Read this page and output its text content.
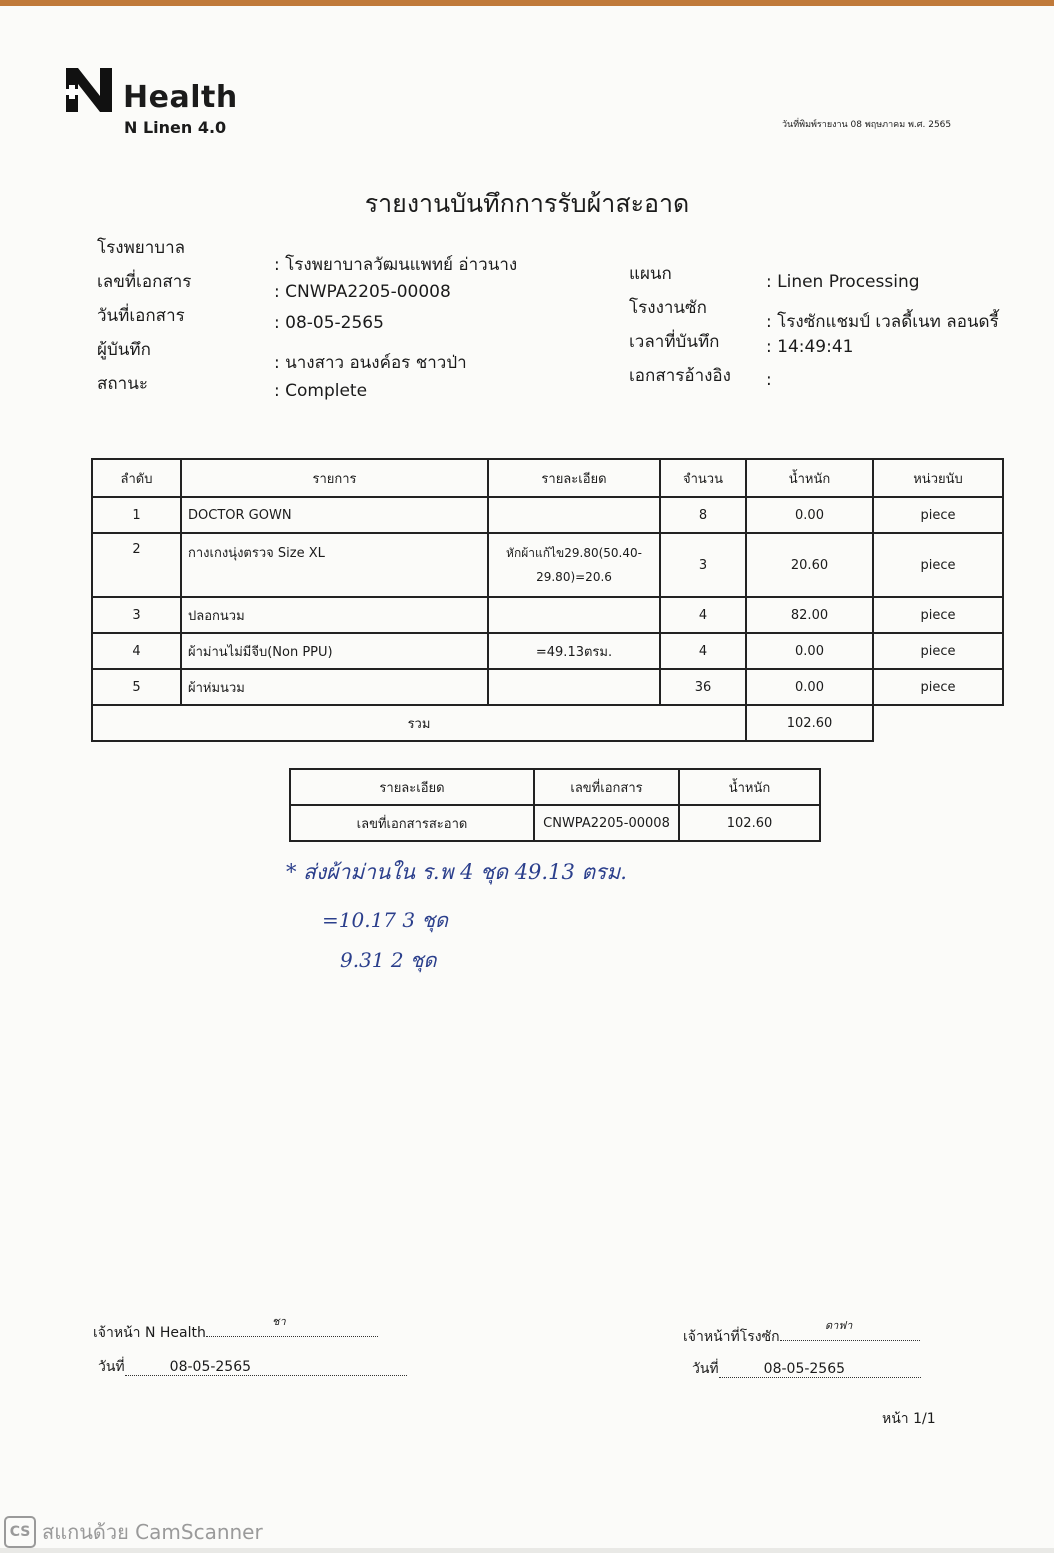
Health
N Linen 4.0	วันที่พิมพ์รายงาน 08 พฤษภาคม พ.ศ. 2565
รายงานบันทึกการรับผ้าสะอาด
โรงพยาบาล
: โรงพยาบาลวัฒนแพทย์ อ่าวนาง
เลขที่เอกสาร	: CNWPA2205-00008
วันที่เอกสาร	: 08-05-2565
ผู้บันทึก
: นางสาว อนงค์อร ชาวป่า
สถานะ	: Complete
แผนก	: Linen Processing
โรงงานซัก
: โรงซักแชมป์ เวลดี้เนท ลอนดรี้
เวลาที่บันทึก	: 14:49:41
เอกสารอ้างอิง :
ลำดับ	รายการ	รายละเอียด	จำนวน	น้ำหนัก	หน่วยนับ
1	DOCTOR GOWN		8	0.00	piece
2	กางเกงนุ่งตรวจ Size XL	หักผ้าแก้ไข29.80(50.40-29.80)=20.6	3	20.60	piece
3	ปลอกนวม		4	82.00	piece
4	ผ้าม่านไม่มีจีบ(Non PPU)	=49.13ตรม.	4	0.00	piece
5	ผ้าห่มนวม		36	0.00	piece
รวม				102.60	
รายละเอียด	เลขที่เอกสาร	น้ำหนัก
เลขที่เอกสารสะอาด	CNWPA2205-00008	102.60
* ส่งผ้าม่านใน ร.พ 4 ชุด 49.13 ตรม.
=10.17 3 ชุด
9.31 2 ชุด
เจ้าหน้า N Health
ชา
วันที่	08-05-2565

เจ้าหน้าที่โรงซัก
ดาฟา
วันที่	08-05-2565

หน้า 1/1
CS สแกนด้วย CamScanner
